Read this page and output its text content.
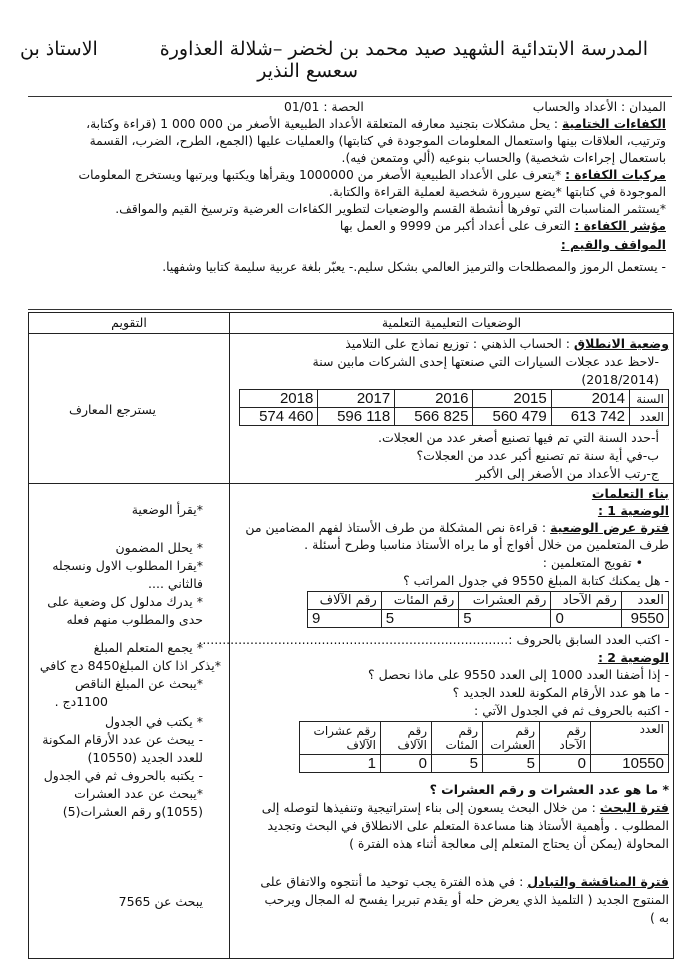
المدرسة الابتدائية الشهيد صيد محمد بن لخضر –شلالة العذاورة
الاستاذ بن
سعسع النذير
الميدان : الأعداد والحساب
الحصة : 01/01
الكفاءات الختامية : يحل مشكلات بتجنيد معارفه المتعلقة الأعداد الطبيعية الأصغر من 000 000 1 (قراءة وكتابة،
وترتيب، العلاقات بينها واستعمال المعلومات الموجودة في كتابتها) والعمليات عليها (الجمع، الطرح، الضرب، القسمة
باستعمال إجراءات شخصية) والحساب بنوعيه (ألي ومتمعن فيه).
مركبات الكفاءة : *يتعرف على الأعداد الطبيعية الأصغر من 1000000 ويقرأها ويكتبها ويرتبها ويستخرج المعلومات
الموجودة في كتابتها *يضع سيرورة شخصية لعملية القراءة والكتابة.
*يستثمر المناسبات التي توفرها أنشطة القسم والوضعيات لتطوير الكفاءات العرضية وترسيخ القيم والمواقف.
مؤشر الكفاءة : التعرف على أعداد أكبر من 9999 و العمل بها
المواقف والقيم :
- يستعمل الرموز والمصطلحات والترميز العالمي بشكل سليم.- يعبّر بلغة عربية سليمة كتابيا وشفهيا.
الوضعيات التعليمية التعلمية
التقويم
وضعية الانطلاق : الحساب الذهني : توزيع نماذج على التلاميذ
-لاحظ عدد عجلات السيارات التي صنعتها إحدى الشركات مابين سنة
(2018/2014)
السنة	2014	2015	2016	2017	2018
العدد	742 613	479 560	825 566	118 596	460 574
أ-حدد السنة التي تم فيها تصنيع أصغر عدد من العجلات.
ب-في أية سنة تم تصنيع أكبر عدد من العجلات؟
ج-رتب الأعداد من الأصغر إلى الأكبر
يسترجع المعارف
بناء التعلمات
الوضعية 1 :
فترة عرض الوضعية : قراءة نص المشكلة من طرف الأستاذ لفهم المضامين من
طرف المتعلمين من خلال أفواج أو ما يراه الأستاذ مناسبا وطرح أسئلة .
• تفويج المتعلمين :
- هل يمكنك كتابة المبلغ 9550 في جدول المراتب ؟
العدد	رقم الآحاد	رقم العشرات	رقم المئات	رقم الآلاف
9550	0	5	5	9
- اكتب العدد السابق بالحروف :..............................................................................
الوضعية 2 :
- إذا أضفنا العدد 1000 إلى العدد 9550 على ماذا نحصل ؟
- ما هو عدد الأرقام المكونة للعدد الجديد ؟
- اكتبه بالحروف ثم في الجدول الآتي :
العدد	رقم الآحاد	رقم العشرات	رقم المئات	رقم الآلاف	رقم عشرات الآلاف
10550	0	5	5	0	1
* ما هو عدد العشرات و رقم العشرات ؟
فترة البحث : من خلال البحث يسعون إلى بناء إستراتيجية وتنفيذها لتوصله إلى
المطلوب . وأهمية الأستاذ هنا مساعدة المتعلم على الانطلاق في البحث وتجديد
المحاولة (يمكن أن يحتاج المتعلم إلى معالجة أثناء هذه الفترة )
فترة المناقشة والتبادل : في هذه الفترة يجب توحيد ما أنتجوه والاتفاق على
المنتوج الجديد ( التلميذ الذي يعرض حله أو يقدم تبريرا يفسح له المجال ويرحب
به )
*يقرأ الوضعية
* يحلل المضمون
*يقرا المطلوب الاول ونسجله
فالثاني ....
* يدرك مدلول كل وضعية على
حدى والمطلوب منهم فعله
* يجمع المتعلم المبلغ
*يذكر اذا كان المبلغ8450 دج كافي
*يبحث عن المبلغ الناقص
1100دج .
* يكتب في الجدول
- يبحث عن عدد الأرقام المكونة
للعدد الجديد (10550)
- يكتبه بالحروف ثم في الجدول
*يبحث عن عدد العشرات
(1055)و رقم العشرات(5)
يبحث عن 7565
